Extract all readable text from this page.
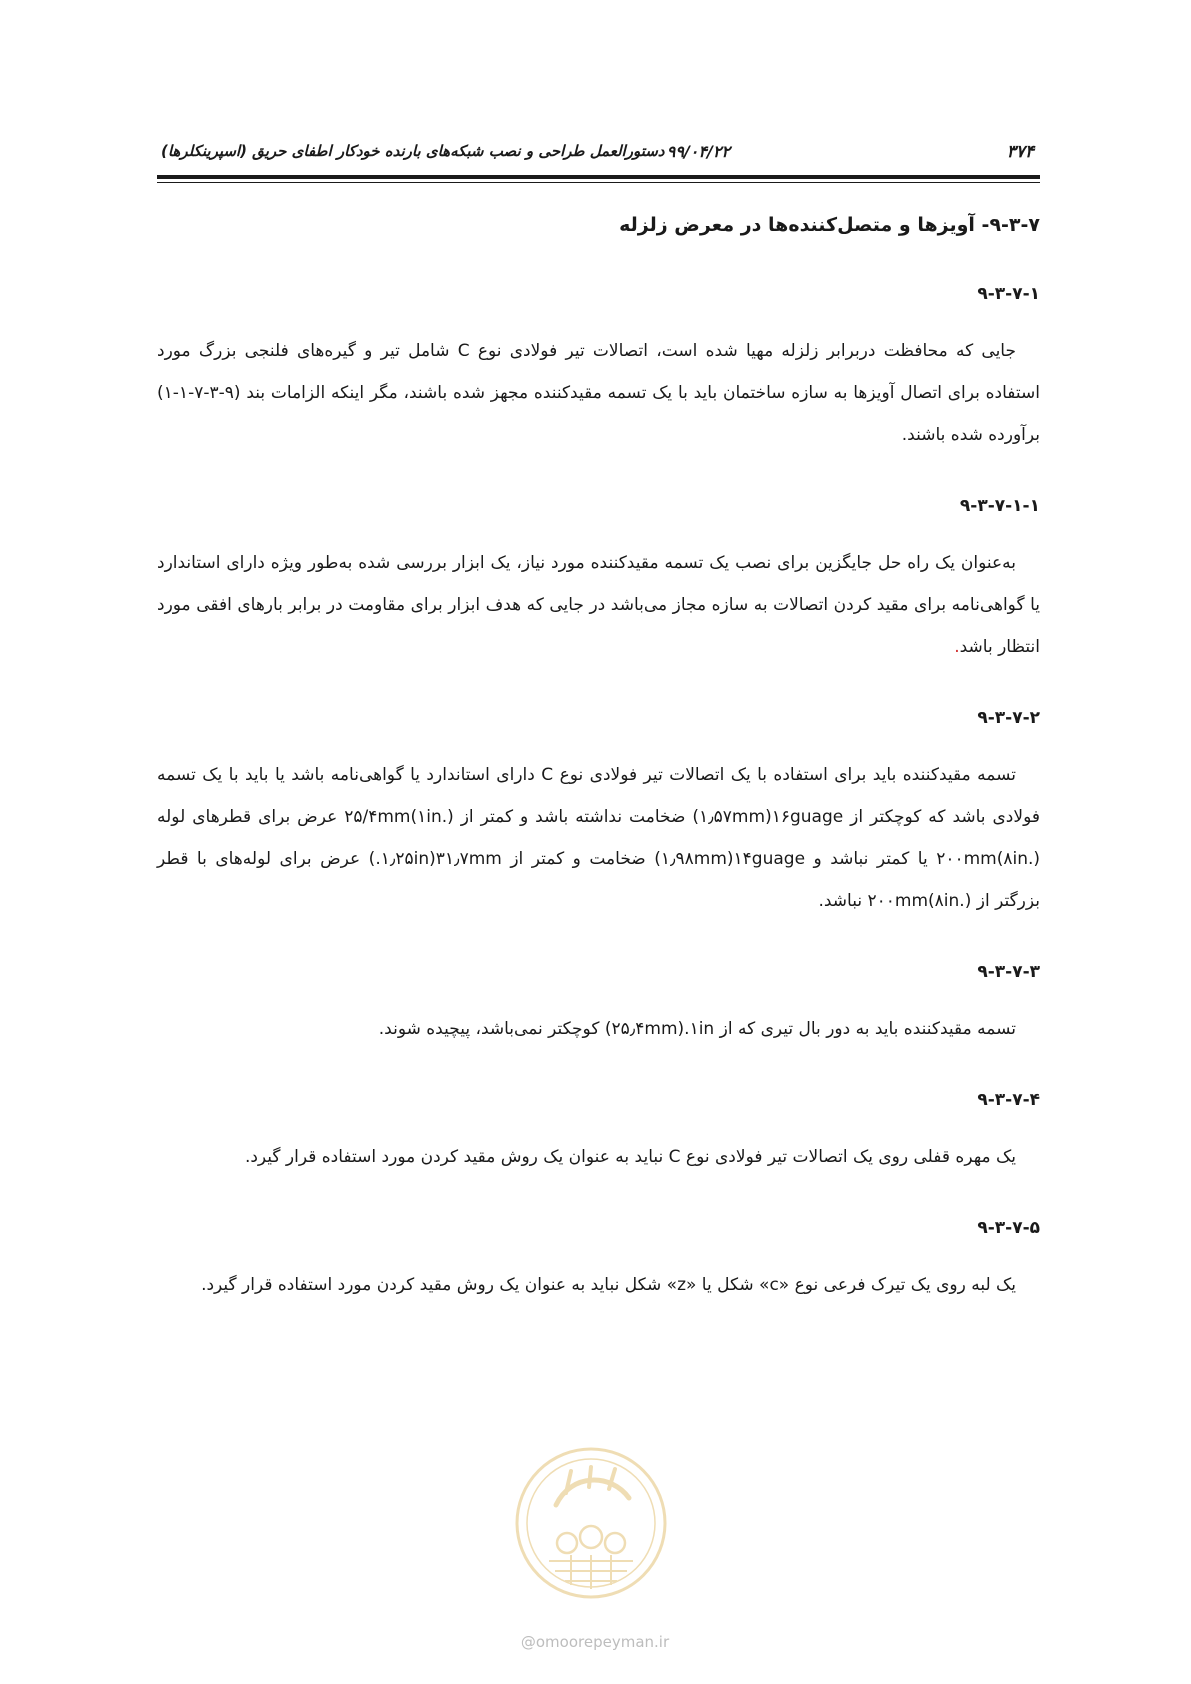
۳۷۴
۹۹/۰۴/۲۲
دستورالعمل طراحی و نصب شبکه‌های بارنده خودکار اطفای حریق (اسپرینکلرها)
۹-۳-۷- آویزها و متصل‌کننده‌ها در معرض زلزله
۹-۳-۷-۱
جایی که محافظت دربرابر زلزله مهیا شده است، اتصالات تیر فولادی نوع C شامل تیر و گیره‌های فلنجی بزرگ مورد استفاده برای اتصال آویزها به سازه ساختمان باید با یک تسمه مقیدکننده مجهز شده باشند، مگر اینکه الزامات بند (۹-۳-۷-۱-۱) برآورده شده باشند.
۹-۳-۷-۱-۱
به‌عنوان یک راه حل جایگزین برای نصب یک تسمه مقیدکننده مورد نیاز، یک ابزار بررسی شده به‌طور ویژه دارای استاندارد یا گواهی‌نامه برای مقید کردن اتصالات به سازه مجاز می‌باشد در جایی که هدف ابزار برای مقاومت در برابر بارهای افقی مورد انتظار باشد.
۹-۳-۷-۲
تسمه مقیدکننده باید برای استفاده با یک اتصالات تیر فولادی نوع C دارای استاندارد یا گواهی‌نامه باشد یا باید با یک تسمه فولادی باشد که کوچکتر از ۱۶guage(۱٫۵۷mm) ضخامت نداشته باشد و کمتر از ۲۵/۴mm(۱in.) عرض برای قطرهای لوله ۲۰۰mm(۸in.) یا کمتر نباشد و ۱۴guage(۱٫۹۸mm) ضخامت و کمتر از ۳۱٫۷mm(۱٫۲۵in.) عرض برای لوله‌های با قطر بزرگتر از ۲۰۰mm(۸in.) نباشد.
۹-۳-۷-۳
تسمه مقیدکننده باید به دور بال تیری که از ۱in.(۲۵٫۴mm) کوچکتر نمی‌باشد، پیچیده شوند.
۹-۳-۷-۴
یک مهره قفلی روی یک اتصالات تیر فولادی نوع C نباید به عنوان یک روش مقید کردن مورد استفاده قرار گیرد.
۹-۳-۷-۵
یک لبه روی یک تیرک فرعی نوع «c» شکل یا «z» شکل نباید به عنوان یک روش مقید کردن مورد استفاده قرار گیرد.
@omoorepeyman.ir
